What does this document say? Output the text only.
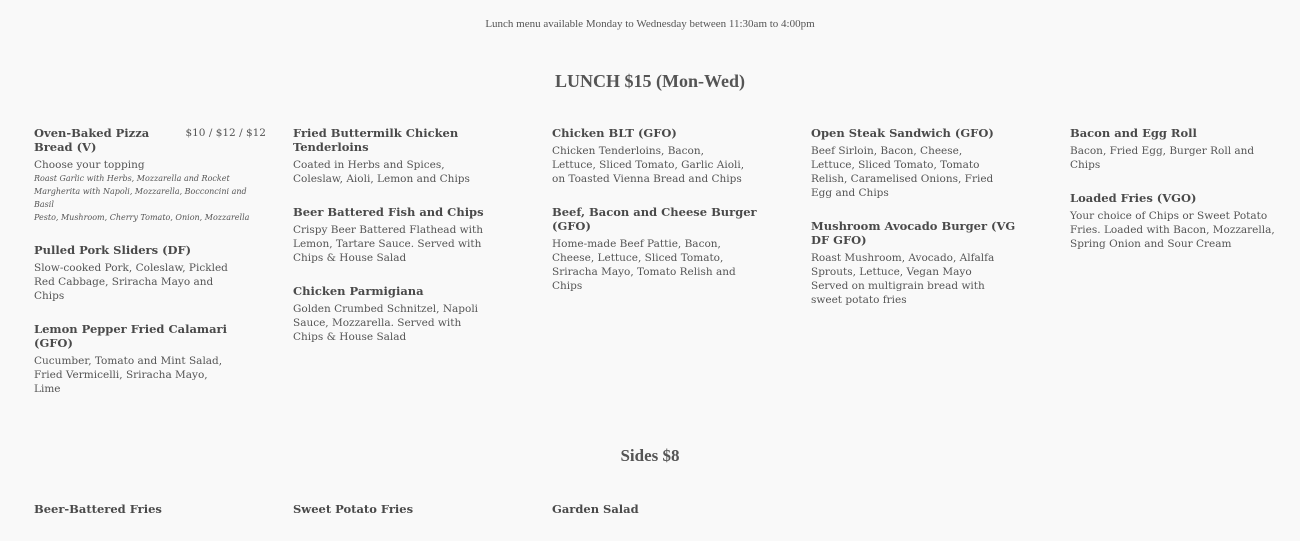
Lunch menu available Monday to Wednesday between 11:30am to 4:00pm
LUNCH $15 (Mon-Wed)
Oven-Baked Pizza Bread (V)
$10 / $12 / $12
Choose your topping
Roast Garlic with Herbs, Mozzarella and Rocket
Margherita with Napoli, Mozzarella, Bocconcini and Basil
Pesto, Mushroom, Cherry Tomato, Onion, Mozzarella
Pulled Pork Sliders (DF)
Slow-cooked Pork, Coleslaw, Pickled Red Cabbage, Sriracha Mayo and Chips
Lemon Pepper Fried Calamari (GFO)
Cucumber, Tomato and Mint Salad, Fried Vermicelli, Sriracha Mayo, Lime
Fried Buttermilk Chicken Tenderloins
Coated in Herbs and Spices, Coleslaw, Aioli, Lemon and Chips
Beer Battered Fish and Chips
Crispy Beer Battered Flathead with Lemon, Tartare Sauce. Served with Chips & House Salad
Chicken Parmigiana
Golden Crumbed Schnitzel, Napoli Sauce, Mozzarella. Served with Chips & House Salad
Chicken BLT (GFO)
Chicken Tenderloins, Bacon, Lettuce, Sliced Tomato, Garlic Aioli, on Toasted Vienna Bread and Chips
Beef, Bacon and Cheese Burger (GFO)
Home-made Beef Pattie, Bacon, Cheese, Lettuce, Sliced Tomato, Sriracha Mayo, Tomato Relish and Chips
Open Steak Sandwich (GFO)
Beef Sirloin, Bacon, Cheese, Lettuce, Sliced Tomato, Tomato Relish, Caramelised Onions, Fried Egg and Chips
Mushroom Avocado Burger (VG DF GFO)
Roast Mushroom, Avocado, Alfalfa Sprouts, Lettuce, Vegan Mayo Served on multigrain bread with sweet potato fries
Bacon and Egg Roll
Bacon, Fried Egg, Burger Roll and Chips
Loaded Fries (VGO)
Your choice of Chips or Sweet Potato Fries. Loaded with Bacon, Mozzarella, Spring Onion and Sour Cream
Sides $8
Beer-Battered Fries	Sweet Potato Fries	Garden Salad
